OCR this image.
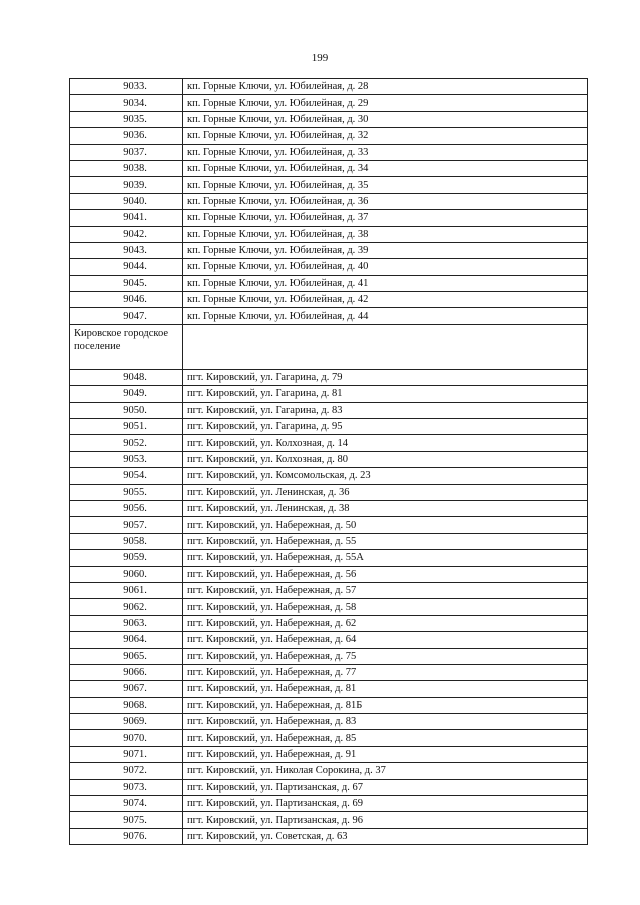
199
9033.	кп. Горные Ключи, ул. Юбилейная, д. 28
9034.	кп. Горные Ключи, ул. Юбилейная, д. 29
9035.	кп. Горные Ключи, ул. Юбилейная, д. 30
9036.	кп. Горные Ключи, ул. Юбилейная, д. 32
9037.	кп. Горные Ключи, ул. Юбилейная, д. 33
9038.	кп. Горные Ключи, ул. Юбилейная, д. 34
9039.	кп. Горные Ключи, ул. Юбилейная, д. 35
9040.	кп. Горные Ключи, ул. Юбилейная, д. 36
9041.	кп. Горные Ключи, ул. Юбилейная, д. 37
9042.	кп. Горные Ключи, ул. Юбилейная, д. 38
9043.	кп. Горные Ключи, ул. Юбилейная, д. 39
9044.	кп. Горные Ключи, ул. Юбилейная, д. 40
9045.	кп. Горные Ключи, ул. Юбилейная, д. 41
9046.	кп. Горные Ключи, ул. Юбилейная, д. 42
9047.	кп. Горные Ключи, ул. Юбилейная, д. 44
Кировское городское поселение	
9048.	пгт. Кировский, ул. Гагарина, д. 79
9049.	пгт. Кировский, ул. Гагарина, д. 81
9050.	пгт. Кировский, ул. Гагарина, д. 83
9051.	пгт. Кировский, ул. Гагарина, д. 95
9052.	пгт. Кировский, ул. Колхозная, д. 14
9053.	пгт. Кировский, ул. Колхозная, д. 80
9054.	пгт. Кировский, ул. Комсомольская, д. 23
9055.	пгт. Кировский, ул. Ленинская, д. 36
9056.	пгт. Кировский, ул. Ленинская, д. 38
9057.	пгт. Кировский, ул. Набережная, д. 50
9058.	пгт. Кировский, ул. Набережная, д. 55
9059.	пгт. Кировский, ул. Набережная, д. 55А
9060.	пгт. Кировский, ул. Набережная, д. 56
9061.	пгт. Кировский, ул. Набережная, д. 57
9062.	пгт. Кировский, ул. Набережная, д. 58
9063.	пгт. Кировский, ул. Набережная, д. 62
9064.	пгт. Кировский, ул. Набережная, д. 64
9065.	пгт. Кировский, ул. Набережная, д. 75
9066.	пгт. Кировский, ул. Набережная, д. 77
9067.	пгт. Кировский, ул. Набережная, д. 81
9068.	пгт. Кировский, ул. Набережная, д. 81Б
9069.	пгт. Кировский, ул. Набережная, д. 83
9070.	пгт. Кировский, ул. Набережная, д. 85
9071.	пгт. Кировский, ул. Набережная, д. 91
9072.	пгт. Кировский, ул. Николая Сорокина, д. 37
9073.	пгт. Кировский, ул. Партизанская, д. 67
9074.	пгт. Кировский, ул. Партизанская, д. 69
9075.	пгт. Кировский, ул. Партизанская, д. 96
9076.	пгт. Кировский, ул. Советская, д. 63
